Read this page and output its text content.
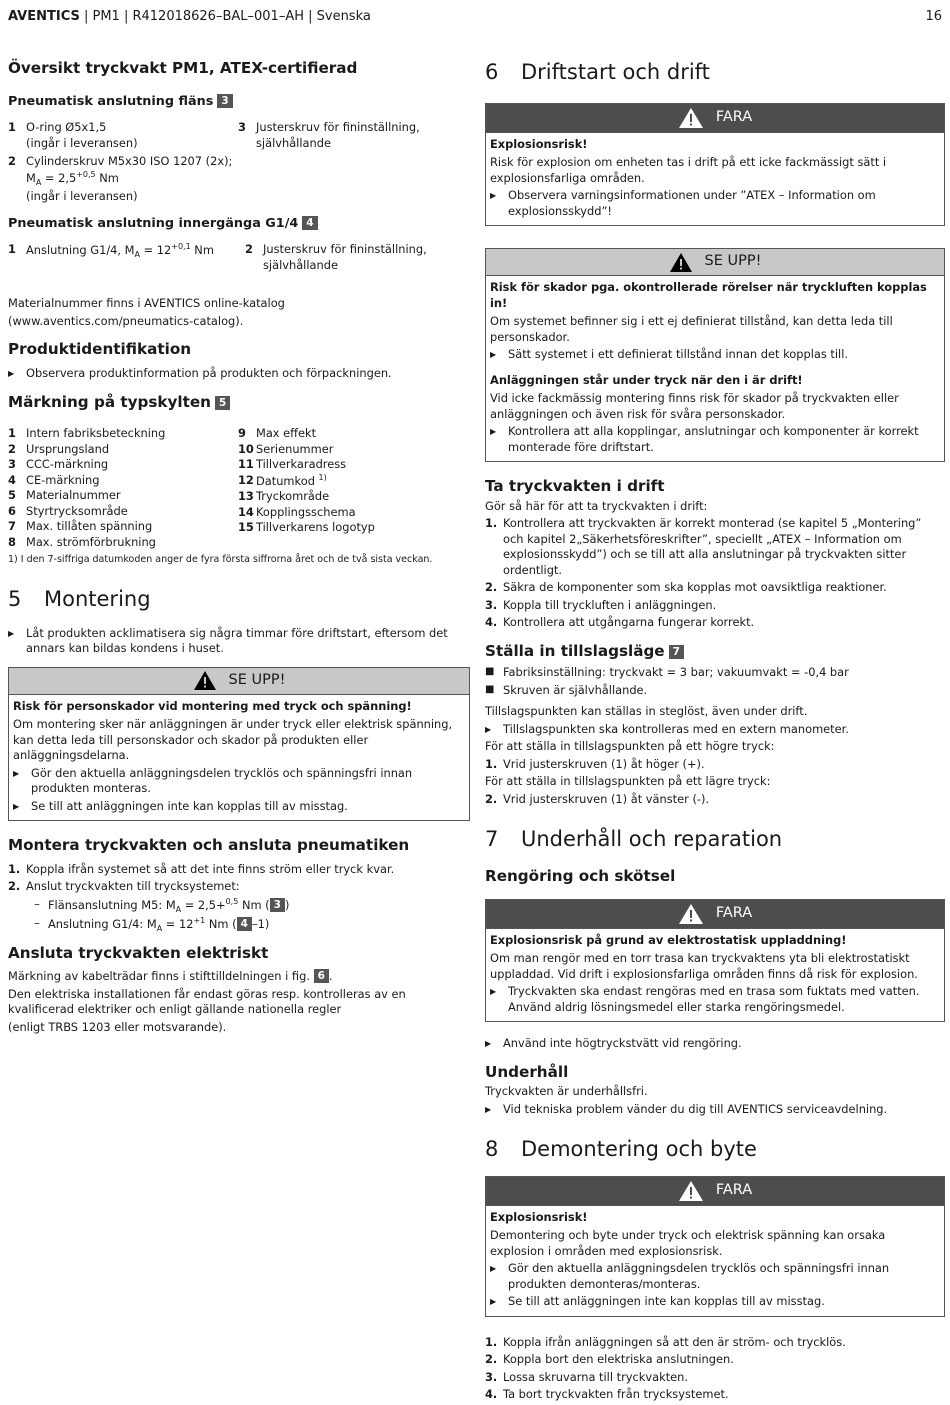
AVENTICS | PM1 | R412018626–BAL–001–AH | Svenska	16
Översikt tryckvakt PM1, ATEX-certifierad
Pneumatisk anslutning fläns 3
1 O-ring Ø5x1,5
(ingår i leveransen)
3 Justerskruv för fininställning,
självhållande
2 Cylinderskruv M5x30 ISO 1207 (2x);
$M_A = 2,5^{+0,5}$ Nm
(ingår i leveransen)
Pneumatisk anslutning innergänga G1/4 4
1 Anslutning G1/4, $M_A = 12^{+0,1}$ Nm	2 Justerskruv för fininställning,
självhållande
Materialnummer finns i AVENTICS online-katalog
(www.aventics.com/pneumatics-catalog).
Produktidentifikation
▶	Observera produktinformation på produkten och förpackningen.
Märkning på typskylten 5
1 Intern fabriksbeteckning
2 Ursprungsland
3 CCC-märkning
4 CE-märkning
5 Materialnummer
6 Styrtrycksområde
7 Max. tillåten spänning
8 Max. strömförbrukning
9 Max effekt
10 Serienummer
11 Tillverkaradress
12 Datumkod $^{1)}$
13 Tryckområde
14 Kopplingsschema
15 Tillverkarens logotyp
1) I den 7-siffriga datumkoden anger de fyra första siffrorna året och de två sista veckan.
5	Montering
▶	Låt produkten acklimatisera sig några timmar före driftstart, eftersom det annars kan bildas kondens i huset.
SE UPP!
Risk för personskador vid montering med tryck och spänning!
Om montering sker när anläggningen är under tryck eller elektrisk spänning, kan detta leda till personskador och skador på produkten eller anläggningsdelarna.
▶	Gör den aktuella anläggningsdelen trycklös och spänningsfri innan produkten monteras.
▶	Se till att anläggningen inte kan kopplas till av misstag.
Montera tryckvakten och ansluta pneumatiken
1. Koppla ifrån systemet så att det inte finns ström eller tryck kvar.
2. Anslut tryckvakten till trycksystemet:
– Flänsanslutning M5: $M_A = 2,5+^{0,5}$ Nm ( 3 )
– Anslutning G1/4: $M_A = 12^{+1}$ Nm ( 4 –1)
Ansluta tryckvakten elektriskt
Märkning av kabelträdar finns i stifttilldelningen i fig. 6 .
Den elektriska installationen får endast göras resp. kontrolleras av en kvalificerad elektriker och enligt gällande nationella regler
(enligt TRBS 1203 eller motsvarande).
6	Driftstart och drift
FARA
Explosionsrisk!
Risk för explosion om enheten tas i drift på ett icke fackmässigt sätt i explosionsfarliga områden.
▶	Observera varningsinformationen under ”ATEX – Information om explosionsskydd”!
SE UPP!
Risk för skador pga. okontrollerade rörelser när tryckluften kopplas in!
Om systemet befinner sig i ett ej definierat tillstånd, kan detta leda till personskador.
▶	Sätt systemet i ett definierat tillstånd innan det kopplas till.
Anläggningen står under tryck när den i är drift!
Vid icke fackmässig montering finns risk för skador på tryckvakten eller anläggningen och även risk för svåra personskador.
▶	Kontrollera att alla kopplingar, anslutningar och komponenter är korrekt monterade före driftstart.
Ta tryckvakten i drift
Gör så här för att ta tryckvakten i drift:
1. Kontrollera att tryckvakten är korrekt monterad (se kapitel 5 „Montering” och kapitel 2„Säkerhetsföreskrifter”, speciellt „ATEX – Information om explosionsskydd”) och se till att alla anslutningar på tryckvakten sitter ordentligt.
2. Säkra de komponenter som ska kopplas mot oavsiktliga reaktioner.
3. Koppla till tryckluften i anläggningen.
4. Kontrollera att utgångarna fungerar korrekt.
Ställa in tillslagsläge 7
■ Fabriksinställning: tryckvakt = 3 bar; vakuumvakt = -0,4 bar
■ Skruven är självhållande.
Tillslagspunkten kan ställas in steglöst, även under drift.
▶	Tillslagspunkten ska kontrolleras med en extern manometer.
För att ställa in tillslagspunkten på ett högre tryck:
1. Vrid justerskruven (1) åt höger (+).
För att ställa in tillslagspunkten på ett lägre tryck:
2. Vrid justerskruven (1) åt vänster (-).
7	Underhåll och reparation
Rengöring och skötsel
FARA
Explosionsrisk på grund av elektrostatisk uppladdning!
Om man rengör med en torr trasa kan tryckvaktens yta bli elektrostatiskt uppladdad. Vid drift i explosionsfarliga områden finns då risk för explosion.
▶	Tryckvakten ska endast rengöras med en trasa som fuktats med vatten. Använd aldrig lösningsmedel eller starka rengöringsmedel.
▶	Använd inte högtryckstvätt vid rengöring.
Underhåll
Tryckvakten är underhållsfri.
▶	Vid tekniska problem vänder du dig till AVENTICS serviceavdelning.
8	Demontering och byte
FARA
Explosionsrisk!
Demontering och byte under tryck och elektrisk spänning kan orsaka explosion i områden med explosionsrisk.
▶	Gör den aktuella anläggningsdelen trycklös och spänningsfri innan produkten demonteras/monteras.
▶	Se till att anläggningen inte kan kopplas till av misstag.
1. Koppla ifrån anläggningen så att den är ström- och trycklös.
2. Koppla bort den elektriska anslutningen.
3. Lossa skruvarna till tryckvakten.
4. Ta bort tryckvakten från trycksystemet.
